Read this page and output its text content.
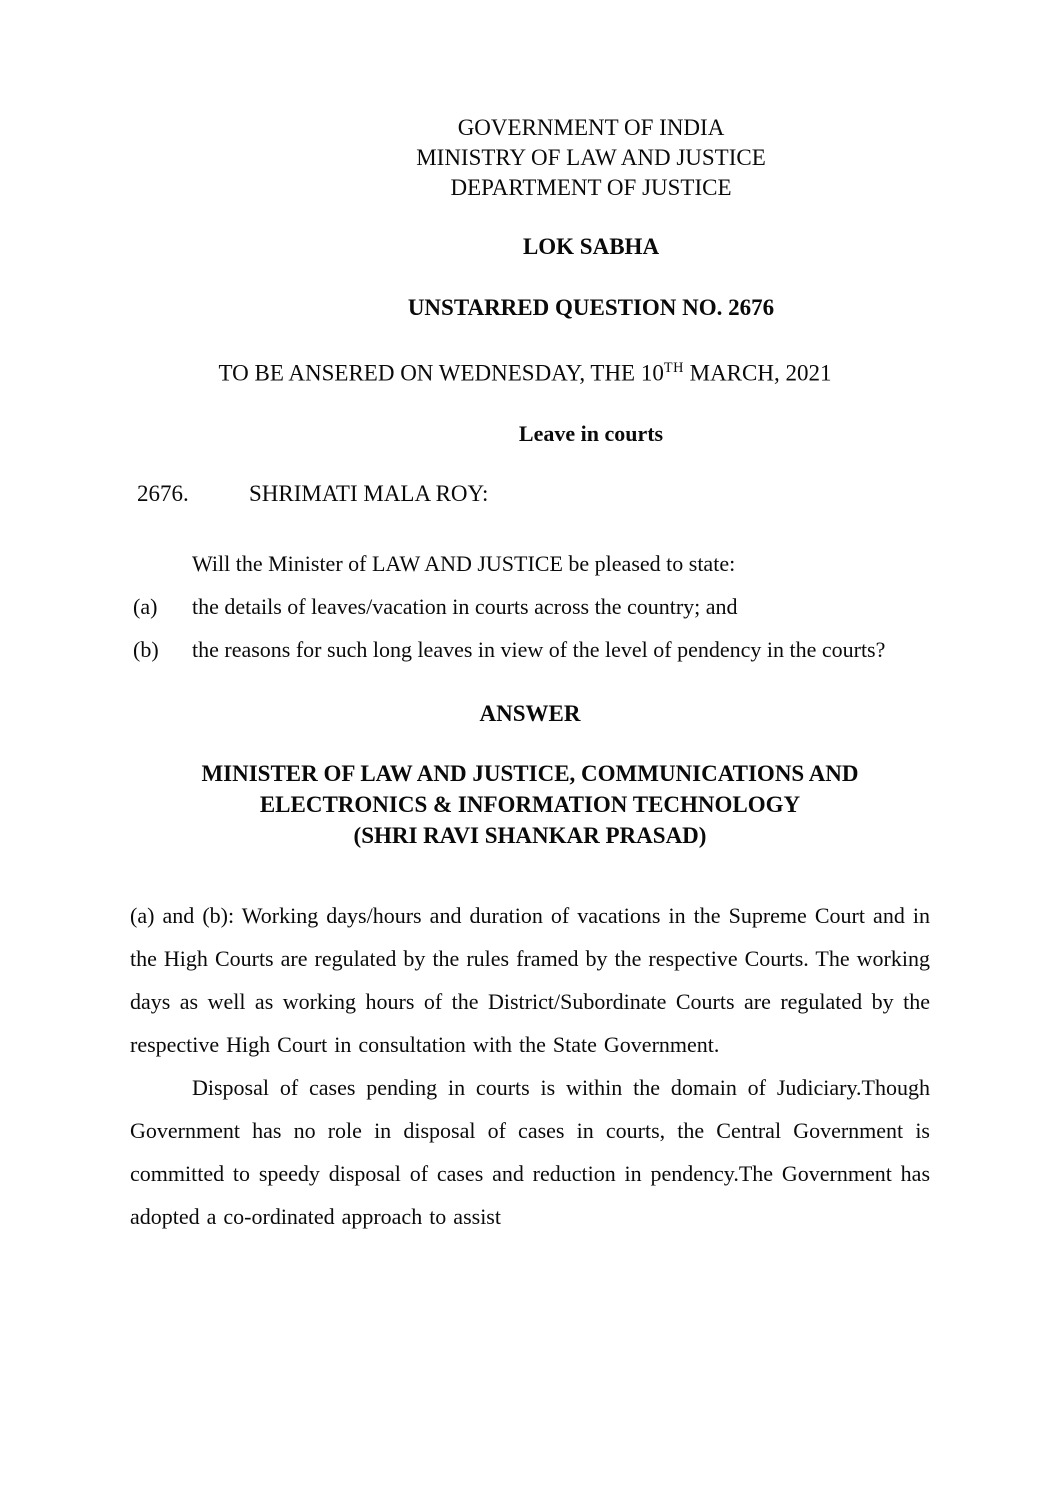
GOVERNMENT OF INDIA
MINISTRY OF LAW AND JUSTICE
DEPARTMENT OF JUSTICE
LOK SABHA
UNSTARRED QUESTION NO. 2676
TO BE ANSERED ON WEDNESDAY, THE 10TH MARCH, 2021
Leave in courts
2676.	SHRIMATI MALA ROY:
Will the Minister of LAW AND JUSTICE be pleased to state:
(a)	the details of leaves/vacation in courts across the country; and
(b)	the reasons for such long leaves in view of the level of pendency in the courts?
ANSWER
MINISTER OF LAW AND JUSTICE, COMMUNICATIONS AND
ELECTRONICS & INFORMATION TECHNOLOGY
(SHRI RAVI SHANKAR PRASAD)

(a) and (b): Working days/hours and duration of vacations in the Supreme Court and in the High Courts are regulated by the rules framed by the respective Courts. The working days as well as working hours of the District/Subordinate Courts are regulated by the respective High Court in consultation with the State Government.

Disposal of cases pending in courts is within the domain of Judiciary.Though Government has no role in disposal of cases in courts, the Central Government is committed to speedy disposal of cases and reduction in pendency.The Government has adopted a co-ordinated approach to assist
